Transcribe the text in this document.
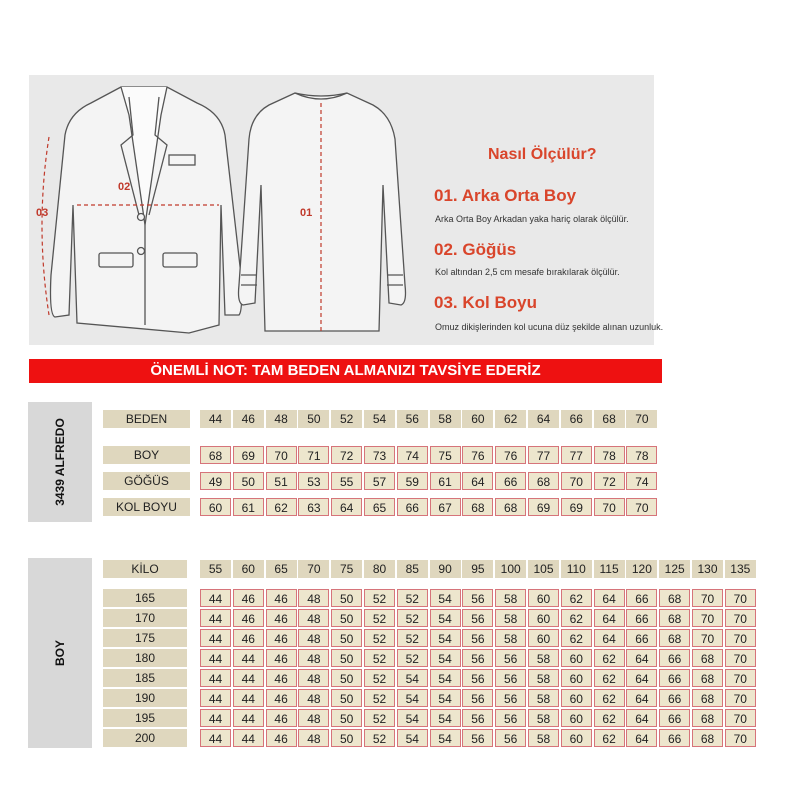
02
03	01
Nasıl Ölçülür?
01. Arka Orta Boy
Arka Orta Boy Arkadan yaka hariç olarak ölçülür.
02. Göğüs
Kol altından 2,5 cm mesafe bırakılarak ölçülür.
03. Kol Boyu
Omuz dikişlerinden kol ucuna düz şekilde alınan uzunluk.
ÖNEMLİ NOT: TAM BEDEN ALMANIZI TAVSİYE EDERİZ
3439 ALFREDO	BEDEN	44	46	48	50	52	54	56	58	60	62	64	66	68	70
BOY	68	69	70	71	72	73	74	75	76	76	77	77	78	78
GÖĞÜS	49	50	51	53	55	57	59	61	64	66	68	70	72	74
KOL BOYU	60	61	62	63	64	65	66	67	68	68	69	69	70	70
BOY
KİLO	55	60	65	70	75	80	85	90	95	100	105	110	115	120	125	130	135
165	44	46	46	48	50	52	52	54	56	58	60	62	64	66	68	70	70
170	44	46	46	48	50	52	52	54	56	58	60	62	64	66	68	70	70
175	44	46	46	48	50	52	52	54	56	58	60	62	64	66	68	70	70
180	44	44	46	48	50	52	52	54	56	56	58	60	62	64	66	68	70
185	44	44	46	48	50	52	54	54	56	56	58	60	62	64	66	68	70
190	44	44	46	48	50	52	54	54	56	56	58	60	62	64	66	68	70
195	44	44	46	48	50	52	54	54	56	56	58	60	62	64	66	68	70
200	44	44	46	48	50	52	54	54	56	56	58	60	62	64	66	68	70
